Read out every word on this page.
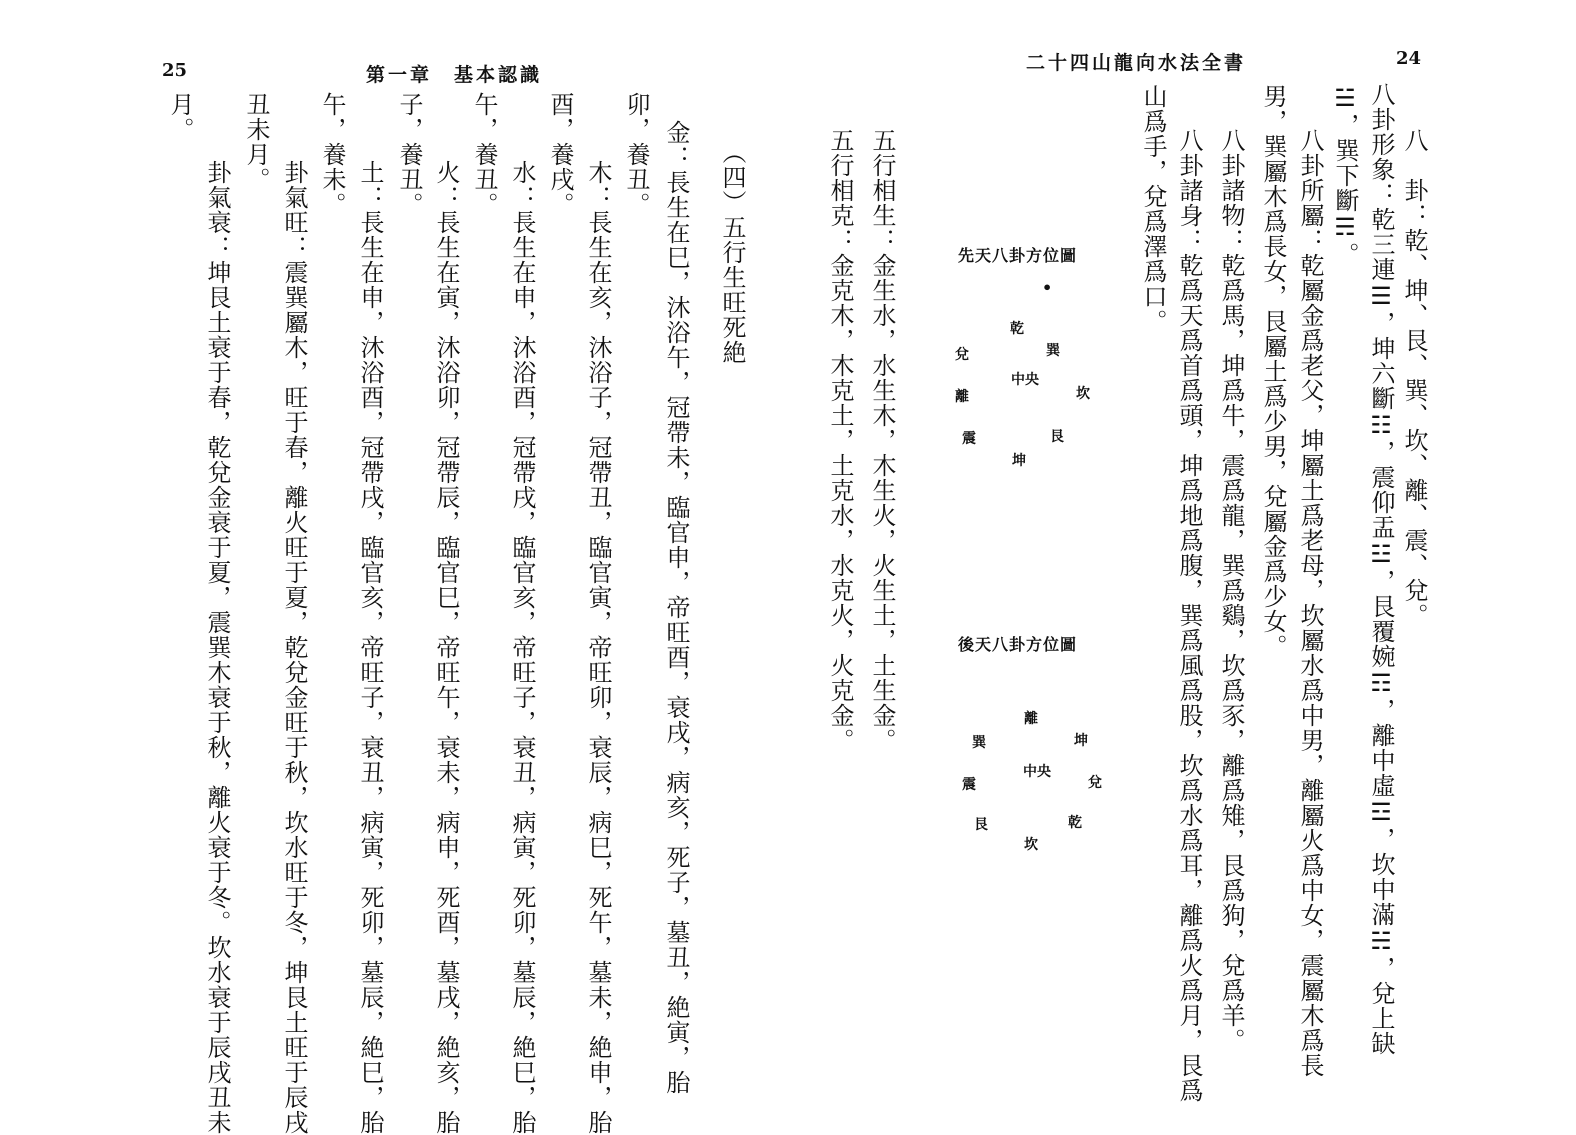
24
二十四山龍向水法全書
八　卦：乾、坤、艮、巽、坎、離、震、兌。
八卦形象：乾三連☰，坤六斷☷，震仰盂☳，艮覆婉☶，離中虛☲，坎中滿☵，兌上缺
☱，巽下斷☴。
八卦所屬：乾屬金爲老父，坤屬土爲老母，坎屬水爲中男，離屬火爲中女，震屬木爲長
男，巽屬木爲長女，艮屬土爲少男，兌屬金爲少女。
八卦諸物：乾爲馬，坤爲牛，震爲龍，巽爲鷄，坎爲豕，離爲雉，艮爲狗，兌爲羊。
八卦諸身：乾爲天爲首爲頭，坤爲地爲腹，巽爲風爲股，坎爲水爲耳，離爲火爲月，艮爲
山爲手，兌爲澤爲口。
五行相生：金生水，水生木，木生火，火生土，土生金。
五行相克：金克木，木克土，土克水，水克火，火克金。	先天八卦方位圖
•
乾
巽
兌
坎
中央
離
艮
震
坤
後天八卦方位圖
離
坤
巽
中央
震	兌
艮	乾
坎
25	第一章　基本認識
（四）五行生旺死絶
金：長生在巳，沐浴午，冠帶未，臨官申，帝旺酉，衰戌，病亥，死子，墓丑，絶寅，胎
卯，養丑。
木：長生在亥，沐浴子，冠帶丑，臨官寅，帝旺卯，衰辰，病巳，死午，墓未，絶申，胎
酉，養戌。
水：長生在申，沐浴酉，冠帶戌，臨官亥，帝旺子，衰丑，病寅，死卯，墓辰，絶巳，胎
午，養丑。
火：長生在寅，沐浴卯，冠帶辰，臨官巳，帝旺午，衰未，病申，死酉，墓戌，絶亥，胎
子，養丑。
土：長生在申，沐浴酉，冠帶戌，臨官亥，帝旺子，衰丑，病寅，死卯，墓辰，絶巳，胎
午，養未。
卦氣旺：震巽屬木，旺于春，離火旺于夏，乾兌金旺于秋，坎水旺于冬，坤艮土旺于辰戌
丑未月。
卦氣衰：坤艮土衰于春，乾兌金衰于夏，震巽木衰于秋，離火衰于冬。坎水衰于辰戌丑未
月。
